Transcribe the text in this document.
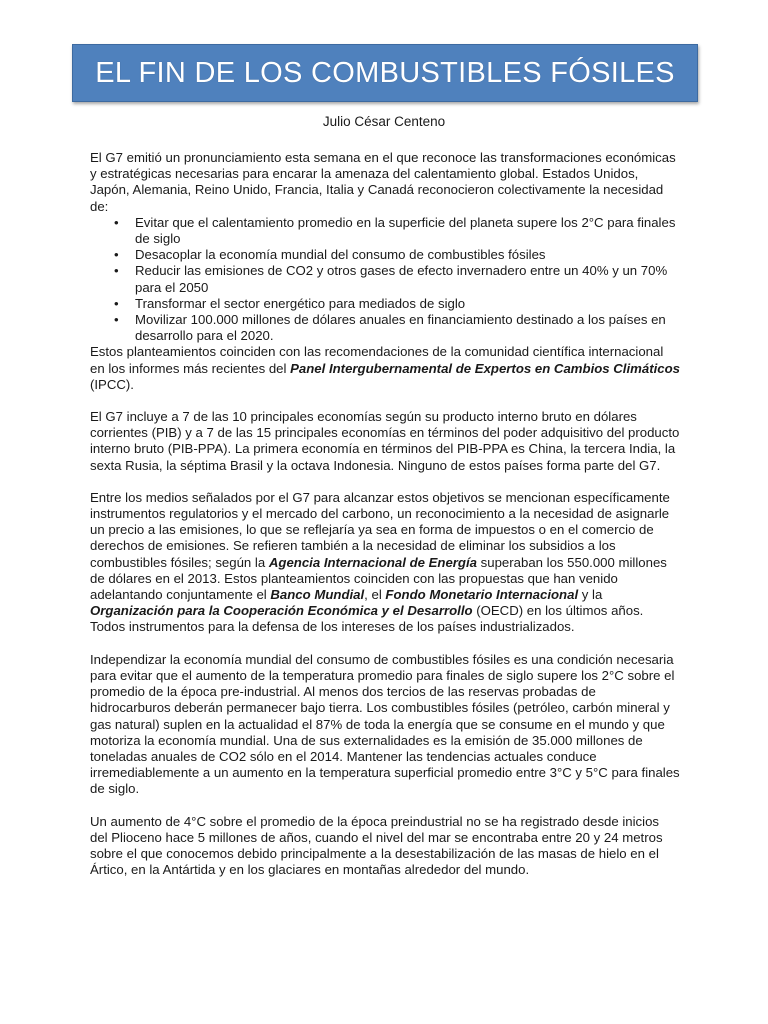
EL FIN DE LOS COMBUSTIBLES FÓSILES
Julio César Centeno

El G7 emitió un pronunciamiento esta semana en el que reconoce las transformaciones económicas y estratégicas necesarias para encarar la amenaza del calentamiento global. Estados Unidos, Japón, Alemania, Reino Unido, Francia, Italia y Canadá reconocieron colectivamente la necesidad de:

• Evitar que el calentamiento promedio en la superficie del planeta supere los 2°C para finales de siglo
• Desacoplar la economía mundial del consumo de combustibles fósiles
• Reducir las emisiones de CO2 y otros gases de efecto invernadero entre un 40% y un 70% para el 2050
• Transformar el sector energético para mediados de siglo
• Movilizar 100.000 millones de dólares anuales en financiamiento destinado a los países en desarrollo para el 2020.

Estos planteamientos coinciden con las recomendaciones de la comunidad científica internacional en los informes más recientes del Panel Intergubernamental de Expertos en Cambios Climáticos (IPCC).

El G7 incluye a 7 de las 10 principales economías según su producto interno bruto en dólares corrientes (PIB) y a 7 de las 15 principales economías en términos del poder adquisitivo del producto interno bruto (PIB-PPA). La primera economía en términos del PIB-PPA es China, la tercera India, la sexta Rusia, la séptima Brasil y la octava Indonesia. Ninguno de estos países forma parte del G7.

Entre los medios señalados por el G7 para alcanzar estos objetivos se mencionan específicamente instrumentos regulatorios y el mercado del carbono, un reconocimiento a la necesidad de asignarle un precio a las emisiones, lo que se reflejaría ya sea en forma de impuestos o en el comercio de derechos de emisiones. Se refieren también a la necesidad de eliminar los subsidios a los combustibles fósiles; según la Agencia Internacional de Energía superaban los 550.000 millones de dólares en el 2013. Estos planteamientos coinciden con las propuestas que han venido adelantando conjuntamente el Banco Mundial, el Fondo Monetario Internacional y la Organización para la Cooperación Económica y el Desarrollo (OECD) en los últimos años. Todos instrumentos para la defensa de los intereses de los países industrializados.

Independizar la economía mundial del consumo de combustibles fósiles es una condición necesaria para evitar que el aumento de la temperatura promedio para finales de siglo supere los 2°C sobre el promedio de la época pre-industrial. Al menos dos tercios de las reservas probadas de hidrocarburos deberán permanecer bajo tierra. Los combustibles fósiles (petróleo, carbón mineral y gas natural) suplen en la actualidad el 87% de toda la energía que se consume en el mundo y que motoriza la economía mundial. Una de sus externalidades es la emisión de 35.000 millones de toneladas anuales de CO2 sólo en el 2014. Mantener las tendencias actuales conduce irremediablemente a un aumento en la temperatura superficial promedio entre 3°C y 5°C para finales de siglo.

Un aumento de 4°C sobre el promedio de la época preindustrial no se ha registrado desde inicios del Plioceno hace 5 millones de años, cuando el nivel del mar se encontraba entre 20 y 24 metros sobre el que conocemos debido principalmente a la desestabilización de las masas de hielo en el Ártico, en la Antártida y en los glaciares en montañas alrededor del mundo.
